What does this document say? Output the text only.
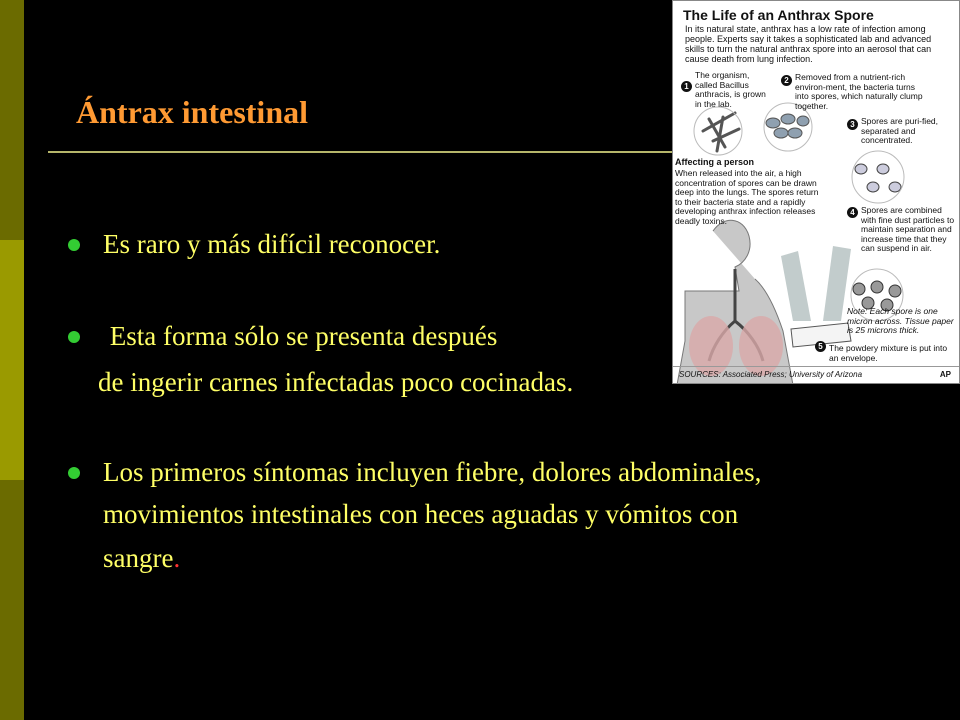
Ántrax intestinal
Es raro y más difícil reconocer.
Esta forma sólo se presenta después
de ingerir carnes infectadas poco cocinadas.
Los primeros síntomas incluyen fiebre, dolores abdominales,
movimientos intestinales con heces aguadas y vómitos con
sangre.
The Life of an Anthrax Spore
In its natural state, anthrax has a low rate of infection among people. Experts say it takes a sophisticated lab and advanced skills to turn the natural anthrax spore into an aerosol that can cause death from lung infection.
1
The organism, called Bacillus anthracis, is grown in the lab.
2 Removed from a nutrient-rich environ-ment, the bacteria turns into spores, which naturally clump together.
3 Spores are puri-fied, separated and concentrated.
Affecting a person
When released into the air, a high concentration of spores can be drawn deep into the lungs. The spores return to their bacteria state and a rapidly developing anthrax infection releases deadly toxins.
4 Spores are combined with fine dust particles to maintain separation and increase time that they can suspend in air.
Note: Each spore is one micron across. Tissue paper is 25 microns thick.
5 The powdery mixture is put into an envelope.
SOURCES: Associated Press; University of Arizona	AP
